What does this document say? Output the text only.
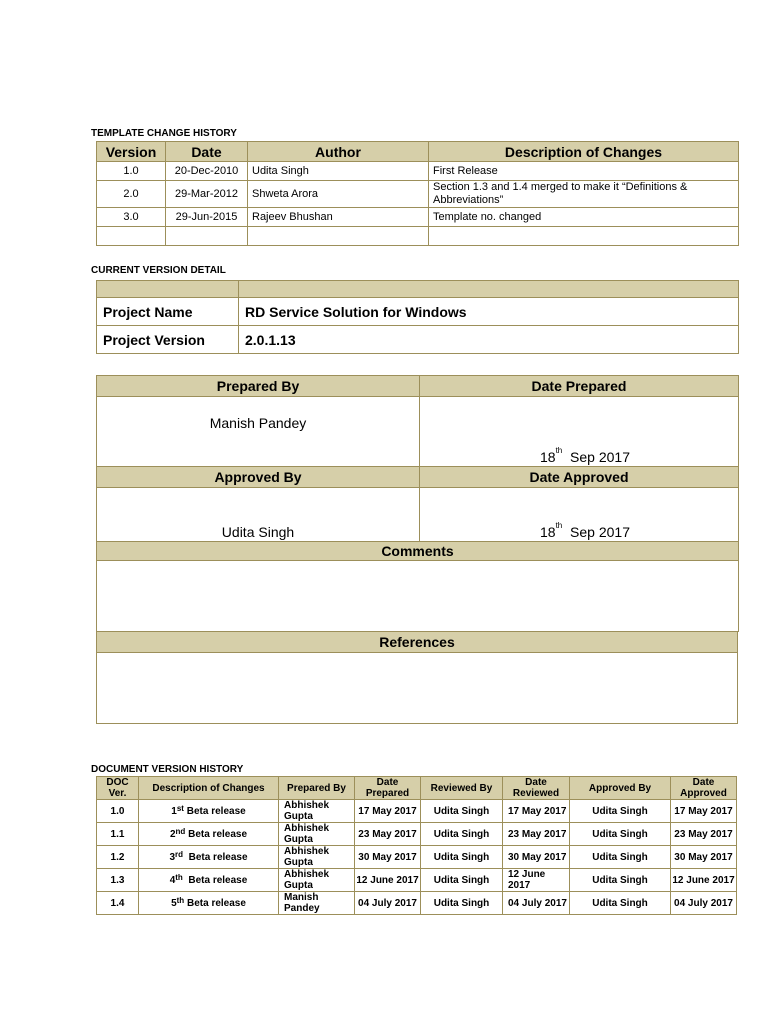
TEMPLATE CHANGE HISTORY
Version	Date	Author	Description of Changes
1.0	20-Dec-2010	Udita Singh	First Release
2.0	29-Mar-2012	Shweta Arora	Section 1.3 and 1.4 merged to make it “Definitions & Abbreviations”
3.0	29-Jun-2015	Rajeev Bhushan	Template no. changed

CURRENT VERSION DETAIL

Project Name	RD Service Solution for Windows
Project Version	2.0.1.13
Prepared By	Date Prepared
Manish Pandey	18th Sep 2017
Approved By	Date Approved
Udita Singh	18th Sep 2017
Comments	

References

DOCUMENT VERSION HISTORY
DOC Ver.	Description of Changes	Prepared By	Date Prepared	Reviewed By	Date Reviewed	Approved By	Date Approved
1.0	1st Beta release	Abhishek Gupta	17 May 2017	Udita Singh	17 May 2017	Udita Singh	17 May 2017
1.1	2nd Beta release	Abhishek Gupta	23 May 2017	Udita Singh	23 May 2017	Udita Singh	23 May 2017
1.2	3rd Beta release	Abhishek Gupta	30 May 2017	Udita Singh	30 May 2017	Udita Singh	30 May 2017
1.3	4th Beta release	Abhishek Gupta	12 June 2017	Udita Singh	12 June 2017	Udita Singh	12 June 2017
1.4	5th Beta release	Manish Pandey	04 July 2017	Udita Singh	04 July 2017	Udita Singh	04 July 2017
